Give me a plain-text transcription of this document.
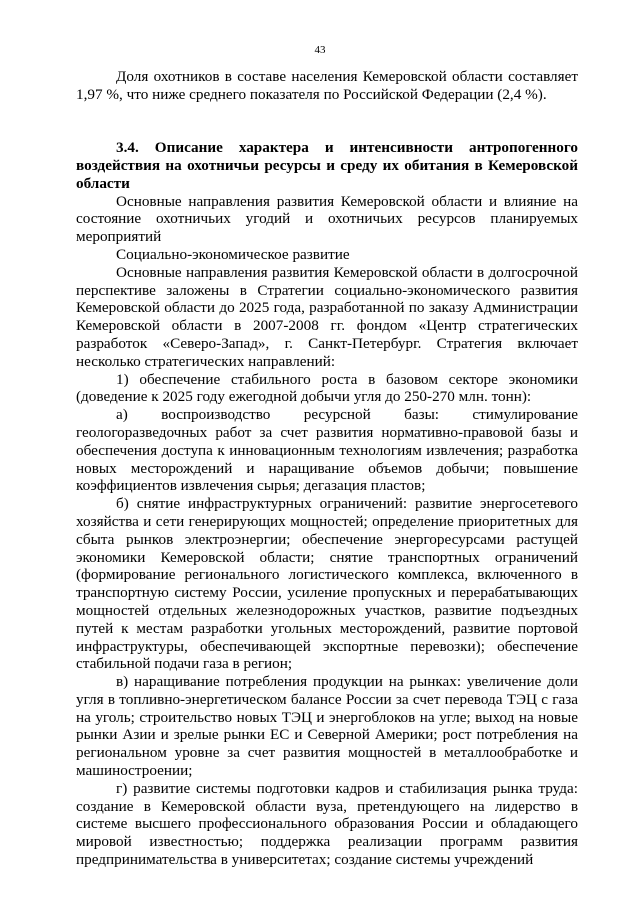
43

Доля охотников в составе населения Кемеровской области составляет 1,97 %, что ниже среднего показателя по Российской Федерации (2,4 %).

3.4. Описание характера и интенсивности антропогенного воздействия на охотничьи ресурсы и среду их обитания в Кемеровской области

Основные направления развития Кемеровской области и влияние на состояние охотничьих угодий и охотничьих ресурсов планируемых мероприятий

Социально-экономическое развитие

Основные направления развития Кемеровской области в долгосрочной перспективе заложены в Стратегии социально-экономического развития Кемеровской области до 2025 года, разработанной по заказу Администрации Кемеровской области в 2007-2008 гг. фондом «Центр стратегических разработок «Северо-Запад», г. Санкт-Петербург. Стратегия включает несколько стратегических направлений:

1) обеспечение стабильного роста в базовом секторе экономики (доведение к 2025 году ежегодной добычи угля до 250-270 млн. тонн):

а) воспроизводство ресурсной базы: стимулирование геологоразведочных работ за счет развития нормативно-правовой базы и обеспечения доступа к инновационным технологиям извлечения; разработка новых месторождений и наращивание объемов добычи; повышение коэффициентов извлечения сырья; дегазация пластов;

б) снятие инфраструктурных ограничений: развитие энергосетевого хозяйства и сети генерирующих мощностей; определение приоритетных для сбыта рынков электроэнергии; обеспечение энергоресурсами растущей экономики Кемеровской области; снятие транспортных ограничений (формирование регионального логистического комплекса, включенного в транспортную систему России, усиление пропускных и перерабатывающих мощностей отдельных железнодорожных участков, развитие подъездных путей к местам разработки угольных месторождений, развитие портовой инфраструктуры, обеспечивающей экспортные перевозки); обеспечение стабильной подачи газа в регион;

в) наращивание потребления продукции на рынках: увеличение доли угля в топливно-энергетическом балансе России за счет перевода ТЭЦ с газа на уголь; строительство новых ТЭЦ и энергоблоков на угле; выход на новые рынки Азии и зрелые рынки ЕС и Северной Америки; рост потребления на региональном уровне за счет развития мощностей в металлообработке и машиностроении;

г) развитие системы подготовки кадров и стабилизация рынка труда: создание в Кемеровской области вуза, претендующего на лидерство в системе высшего профессионального образования России и обладающего мировой известностью; поддержка реализации программ развития предпринимательства в университетах; создание системы учреждений
